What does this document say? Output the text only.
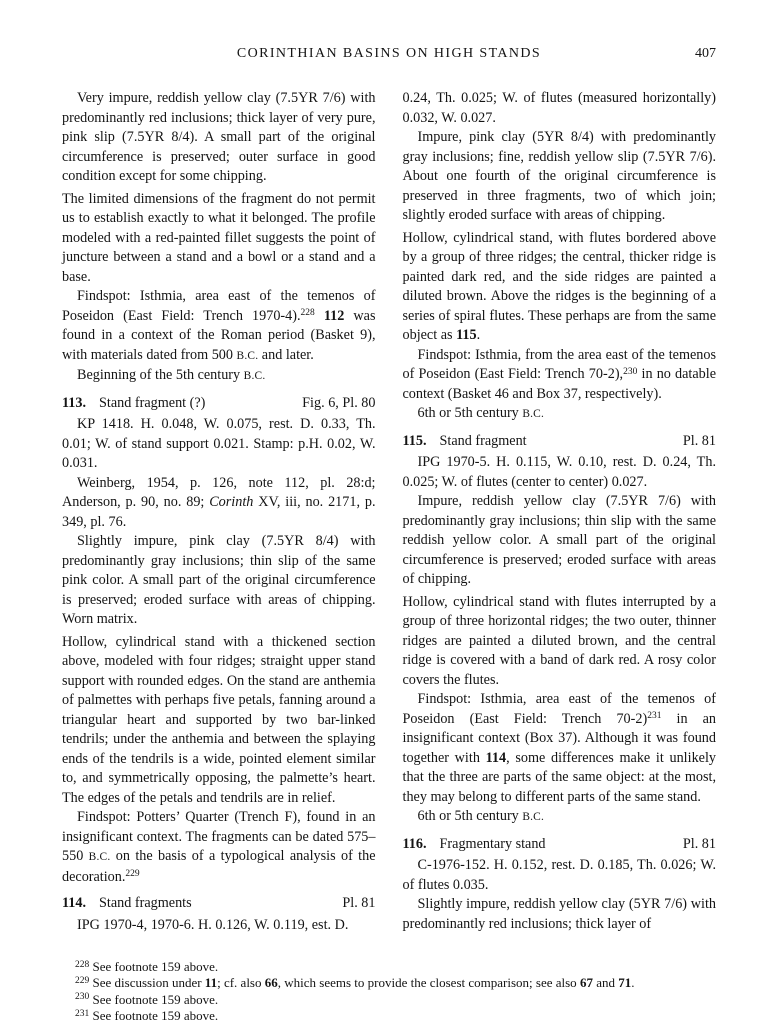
CORINTHIAN BASINS ON HIGH STANDS	407

Very impure, reddish yellow clay (7.5YR 7/6) with predominantly red inclusions; thick layer of very pure, pink slip (7.5YR 8/4). A small part of the original circumference is preserved; outer surface in good condition except for some chipping.

The limited dimensions of the fragment do not permit us to establish exactly to what it belonged. The profile modeled with a red-painted fillet suggests the point of juncture between a stand and a bowl or a stand and a base.

Findspot: Isthmia, area east of the temenos of Poseidon (East Field: Trench 1970-4).$^{228}$ 112 was found in a context of the Roman period (Basket 9), with materials dated from 500 B.C. and later.

Beginning of the 5th century B.C.

113. Stand fragment (?)	Fig. 6, Pl. 80

KP 1418. H. 0.048, W. 0.075, rest. D. 0.33, Th. 0.01; W. of stand support 0.021. Stamp: p.H. 0.02, W. 0.031.

Weinberg, 1954, p. 126, note 112, pl. 28:d; Anderson, p. 90, no. 89; Corinth XV, iii, no. 2171, p. 349, pl. 76.

Slightly impure, pink clay (7.5YR 8/4) with predominantly gray inclusions; thin slip of the same pink color. A small part of the original circumference is preserved; eroded surface with areas of chipping. Worn matrix.

Hollow, cylindrical stand with a thickened section above, modeled with four ridges; straight upper stand support with rounded edges. On the stand are anthemia of palmettes with perhaps five petals, fanning around a triangular heart and supported by two bar-linked tendrils; under the anthemia and between the splaying ends of the tendrils is a wide, pointed element similar to, and symmetrically opposing, the palmette’s heart. The edges of the petals and tendrils are in relief.

Findspot: Potters’ Quarter (Trench F), found in an insignificant context. The fragments can be dated 575–550 B.C. on the basis of a typological analysis of the decoration.$^{229}$

114. Stand fragments	Pl. 81

IPG 1970-4, 1970-6. H. 0.126, W. 0.119, est. D.

0.24, Th. 0.025; W. of flutes (measured horizontally) 0.032, W. 0.027.

Impure, pink clay (5YR 8/4) with predominantly gray inclusions; fine, reddish yellow slip (7.5YR 7/6). About one fourth of the original circumference is preserved in three fragments, two of which join; slightly eroded surface with areas of chipping.

Hollow, cylindrical stand, with flutes bordered above by a group of three ridges; the central, thicker ridge is painted dark red, and the side ridges are painted a diluted brown. Above the ridges is the beginning of a series of spiral flutes. These perhaps are from the same object as 115.

Findspot: Isthmia, from the area east of the temenos of Poseidon (East Field: Trench 70-2),$^{230}$ in no datable context (Basket 46 and Box 37, respectively).

6th or 5th century B.C.

115. Stand fragment	Pl. 81

IPG 1970-5. H. 0.115, W. 0.10, rest. D. 0.24, Th. 0.025; W. of flutes (center to center) 0.027.

Impure, reddish yellow clay (7.5YR 7/6) with predominantly gray inclusions; thin slip with the same reddish yellow color. A small part of the original circumference is preserved; eroded surface with areas of chipping.

Hollow, cylindrical stand with flutes interrupted by a group of three horizontal ridges; the two outer, thinner ridges are painted a diluted brown, and the central ridge is covered with a band of dark red. A rosy color covers the flutes.

Findspot: Isthmia, area east of the temenos of Poseidon (East Field: Trench 70-2)$^{231}$ in an insignificant context (Box 37). Although it was found together with 114, some differences make it unlikely that the three are parts of the same object: at the most, they may belong to different parts of the same stand.

6th or 5th century B.C.

116. Fragmentary stand	Pl. 81

C-1976-152. H. 0.152, rest. D. 0.185, Th. 0.026; W. of flutes 0.035.

Slightly impure, reddish yellow clay (5YR 7/6) with predominantly red inclusions; thick layer of

$^{228}$ See footnote 159 above.

$^{229}$ See discussion under 11; cf. also 66, which seems to provide the closest comparison; see also 67 and 71.

$^{230}$ See footnote 159 above.

$^{231}$ See footnote 159 above.
